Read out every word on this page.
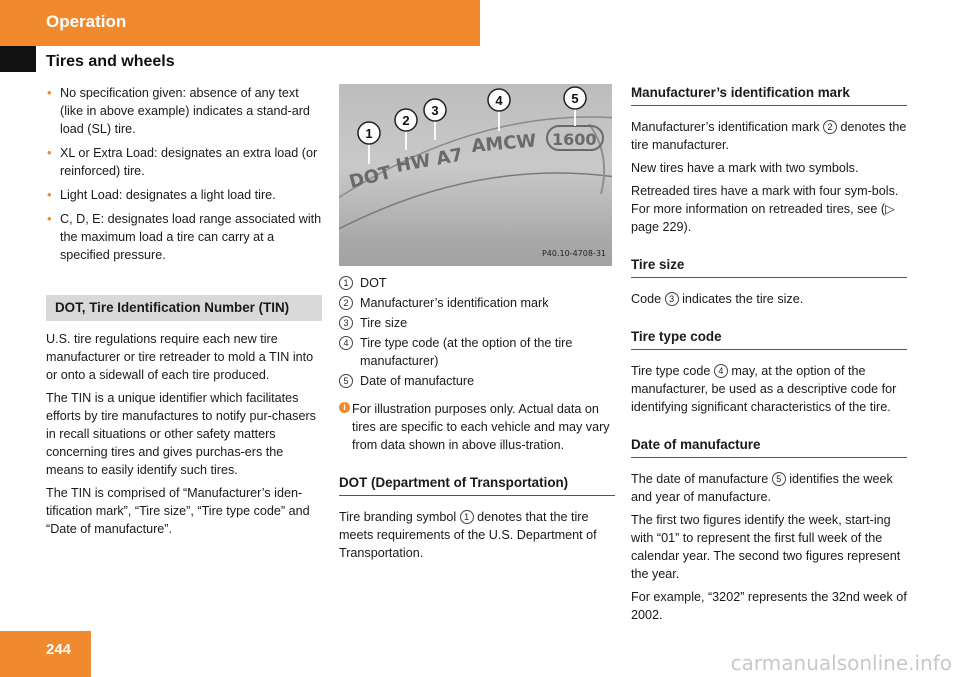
Operation
Tires and wheels
• No specification given: absence of any text (like in above example) indicates a stand-ard load (SL) tire.
• XL or Extra Load: designates an extra load (or reinforced) tire.
• Light Load: designates a light load tire.
• C, D, E: designates load range associated with the maximum load a tire can carry at a specified pressure.
DOT, Tire Identification Number (TIN)

U.S. tire regulations require each new tire manufacturer or tire retreader to mold a TIN into or onto a sidewall of each tire produced.

The TIN is a unique identifier which facilitates efforts by tire manufactures to notify pur-chasers in recall situations or other safety matters concerning tires and gives purchas-ers the means to easily identify such tires.

The TIN is comprised of “Manufacturer’s iden-tification mark”, “Tire size”, “Tire type code” and “Date of manufacture”.

DOT
HW A7
AMCW 1600
1
2
3
4	5
P40.10-4708-31
1 DOT
2 Manufacturer’s identification mark
3 Tire size
4 Tire type code (at the option of the tire manufacturer)
5 Date of manufacture
i For illustration purposes only. Actual data on tires are specific to each vehicle and may vary from data shown in above illus-tration.
DOT (Department of Transportation)

Tire branding symbol 1 denotes that the tire meets requirements of the U.S. Department of Transportation.

Manufacturer’s identification mark

Manufacturer’s identification mark 2 denotes the tire manufacturer.

New tires have a mark with two symbols.

Retreaded tires have a mark with four sym-bols. For more information on retreaded tires, see (▷ page 229).

Tire size

Code 3 indicates the tire size.

Tire type code

Tire type code 4 may, at the option of the manufacturer, be used as a descriptive code for identifying significant characteristics of the tire.

Date of manufacture

The date of manufacture 5 identifies the week and year of manufacture.

The first two figures identify the week, start-ing with “01” to represent the first full week of the calendar year. The second two figures represent the year.

For example, “3202” represents the 32nd week of 2002.

244
carmanualsonline.info
